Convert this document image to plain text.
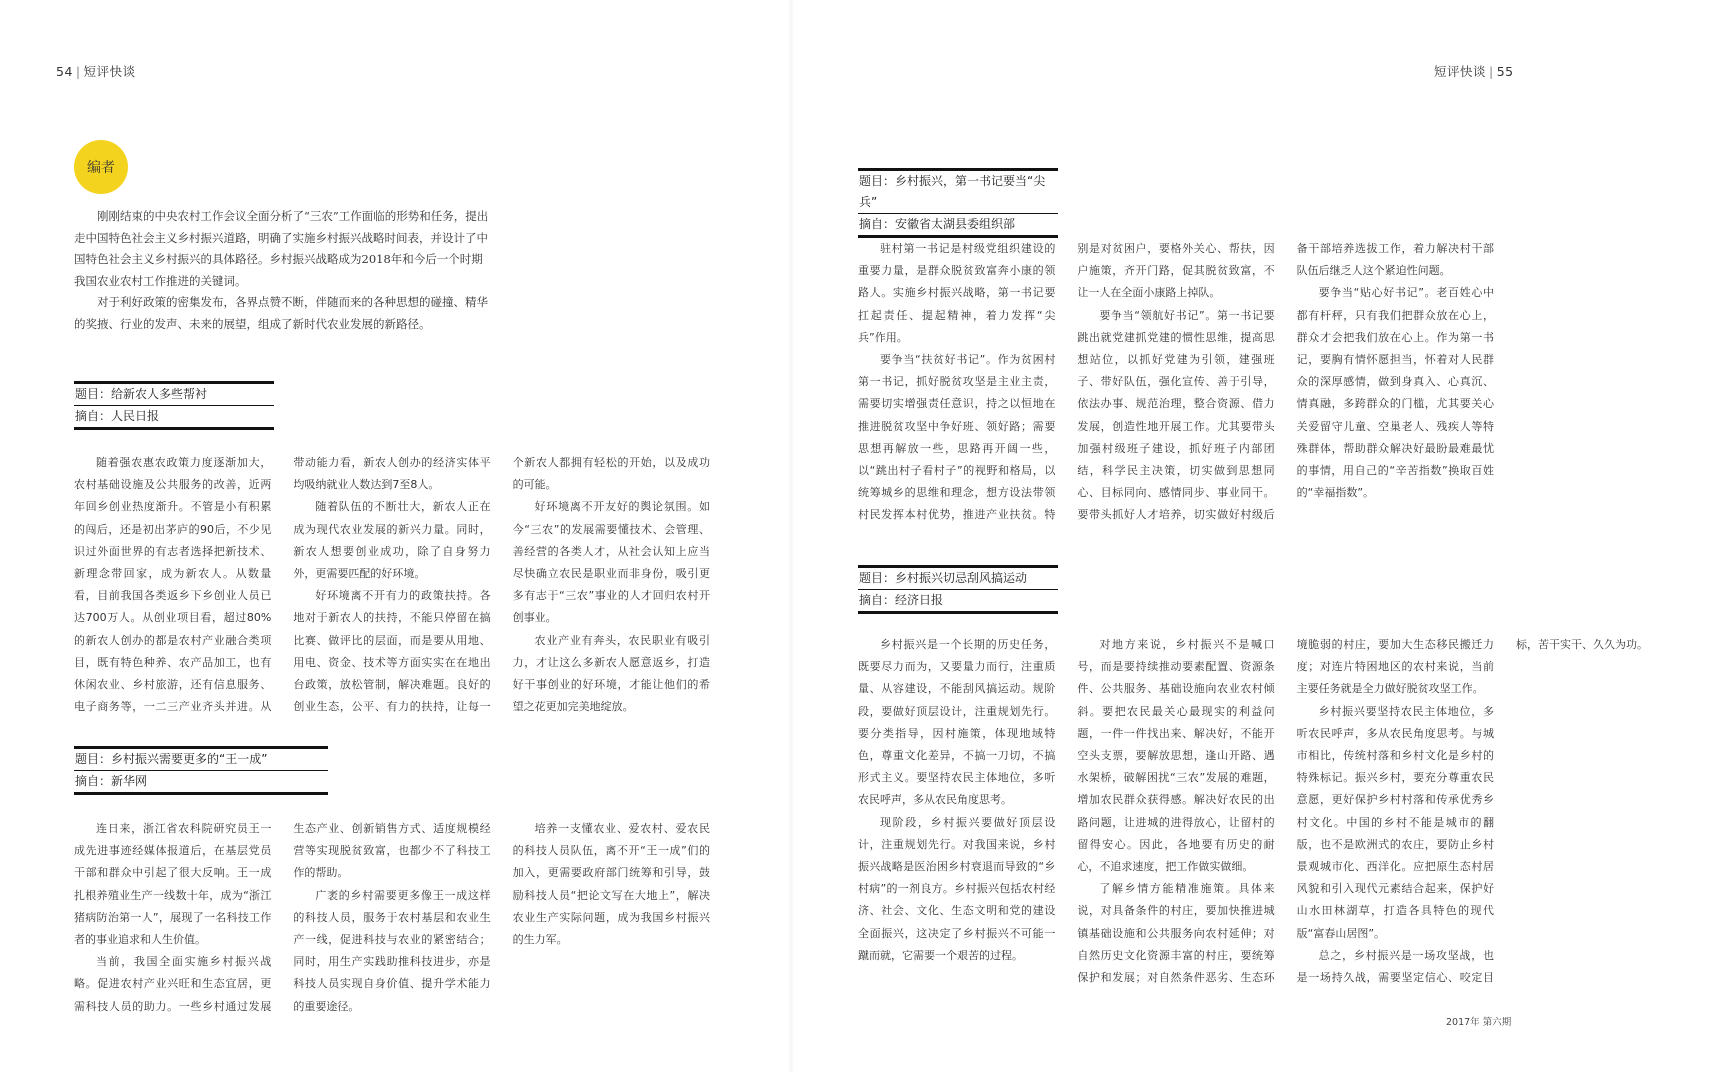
54 | 短评快谈	短评快谈 | 55
编者

刚刚结束的中央农村工作会议全面分析了“三农”工作面临的形势和任务，提出走中国特色社会主义乡村振兴道路，明确了实施乡村振兴战略时间表，并设计了中国特色社会主义乡村振兴的具体路径。乡村振兴战略成为2018年和今后一个时期我国农业农村工作推进的关键词。

对于利好政策的密集发布，各界点赞不断，伴随而来的各种思想的碰撞、精华的奖掖、行业的发声、未来的展望，组成了新时代农业发展的新路径。

题目：给新农人多些帮衬
摘自：人民日报

随着强农惠农政策力度逐渐加大，农村基础设施及公共服务的改善，近两年回乡创业热度渐升。不管是小有积累的闯后，还是初出茅庐的90后，不少见识过外面世界的有志者选择把新技术、新理念带回家，成为新农人。从数量看，目前我国各类返乡下乡创业人员已达700万人。从创业项目看，超过80%的新农人创办的都是农村产业融合类项目，既有特色种养、农产品加工，也有休闲农业、乡村旅游，还有信息服务、电子商务等，一二三产业齐头并进。从带动能力看，新农人创办的经济实体平均吸纳就业人数达到7至8人。

随着队伍的不断壮大，新农人正在成为现代农业发展的新兴力量。同时，新农人想要创业成功，除了自身努力外，更需要匹配的好环境。

好环境离不开有力的政策扶持。各地对于新农人的扶持，不能只停留在搞比赛、做评比的层面，而是要从用地、用电、资金、技术等方面实实在在地出台政策，放松管制，解决难题。良好的创业生态，公平、有力的扶持，让每一个新农人都拥有轻松的开始，以及成功的可能。

好环境离不开友好的舆论氛围。如今“三农”的发展需要懂技术、会管理、善经营的各类人才，从社会认知上应当尽快确立农民是职业而非身份，吸引更多有志于“三农”事业的人才回归农村开创事业。

农业产业有奔头，农民职业有吸引力，才让这么多新农人愿意返乡，打造好干事创业的好环境，才能让他们的希望之花更加完美地绽放。

题目：乡村振兴需要更多的“王一成”
摘自：新华网

连日来，浙江省农科院研究员王一成先进事迹经媒体报道后，在基层党员干部和群众中引起了很大反响。王一成扎根养殖业生产一线数十年，成为“浙江猪病防治第一人”，展现了一名科技工作者的事业追求和人生价值。

当前，我国全面实施乡村振兴战略。促进农村产业兴旺和生态宜居，更需科技人员的助力。一些乡村通过发展生态产业、创新销售方式、适度规模经营等实现脱贫致富，也都少不了科技工作的帮助。

广袤的乡村需要更多像王一成这样的科技人员，服务于农村基层和农业生产一线，促进科技与农业的紧密结合；同时，用生产实践助推科技进步，亦是科技人员实现自身价值、提升学术能力的重要途径。

培养一支懂农业、爱农村、爱农民的科技人员队伍，离不开“王一成”们的加入，更需要政府部门统筹和引导，鼓励科技人员“把论文写在大地上”，解决农业生产实际问题，成为我国乡村振兴的生力军。

题目：乡村振兴，第一书记要当“尖兵”
摘自：安徽省太湖县委组织部

驻村第一书记是村级党组织建设的重要力量，是群众脱贫致富奔小康的领路人。实施乡村振兴战略，第一书记要扛起责任、提起精神，着力发挥“尖兵”作用。

要争当“扶贫好书记”。作为贫困村第一书记，抓好脱贫攻坚是主业主责，需要切实增强责任意识，持之以恒地在推进脱贫攻坚中争好班、领好路；需要思想再解放一些，思路再开阔一些，以“跳出村子看村子”的视野和格局，以统筹城乡的思维和理念，想方设法带领村民发挥本村优势，推进产业扶贫。特别是对贫困户，要格外关心、帮扶，因户施策，齐开门路，促其脱贫致富，不让一人在全面小康路上掉队。

要争当“领航好书记”。第一书记要跳出就党建抓党建的惯性思维，提高思想站位，以抓好党建为引领，建强班子、带好队伍，强化宣传、善于引导，依法办事、规范治理，整合资源、借力发展，创造性地开展工作。尤其要带头加强村级班子建设，抓好班子内部团结，科学民主决策，切实做到思想同心、目标同向、感情同步、事业同干。要带头抓好人才培养，切实做好村级后备干部培养选拔工作，着力解决村干部队伍后继乏人这个紧迫性问题。

要争当“贴心好书记”。老百姓心中都有杆秤，只有我们把群众放在心上，群众才会把我们放在心上。作为第一书记，要胸有情怀愿担当，怀着对人民群众的深厚感情，做到身真入、心真沉、情真融，多跨群众的门槛，尤其要关心关爱留守儿童、空巢老人、残疾人等特殊群体，帮助群众解决好最盼最难最忧的事情，用自己的“辛苦指数”换取百姓的“幸福指数”。

题目：乡村振兴切忌刮风搞运动
摘自：经济日报

乡村振兴是一个长期的历史任务，既要尽力而为，又要量力而行，注重质量、从容建设，不能刮风搞运动。规阶段，要做好顶层设计，注重规划先行。要分类指导，因村施策，体现地域特色，尊重文化差异，不搞一刀切，不搞形式主义。要坚持农民主体地位，多听农民呼声，多从农民角度思考。

现阶段，乡村振兴要做好顶层设计，注重规划先行。对我国来说，乡村振兴战略是医治困乡村衰退而导致的“乡村病”的一剂良方。乡村振兴包括农村经济、社会、文化、生态文明和党的建设全面振兴，这决定了乡村振兴不可能一蹴而就，它需要一个艰苦的过程。

对地方来说，乡村振兴不是喊口号，而是要持续推动要素配置、资源条件、公共服务、基础设施向农业农村倾斜。要把农民最关心最现实的利益问题，一件一件找出来、解决好，不能开空头支票，要解放思想，逢山开路、遇水架桥，破解困扰“三农”发展的难题，增加农民群众获得感。解决好农民的出路问题，让进城的进得放心，让留村的留得安心。因此，各地要有历史的耐心，不追求速度，把工作做实做细。

了解乡情方能精准施策。具体来说，对具备条件的村庄，要加快推进城镇基础设施和公共服务向农村延伸；对自然历史文化资源丰富的村庄，要统筹保护和发展；对自然条件恶劣、生态环境脆弱的村庄，要加大生态移民搬迁力度；对连片特困地区的农村来说，当前主要任务就是全力做好脱贫攻坚工作。

乡村振兴要坚持农民主体地位，多听农民呼声，多从农民角度思考。与城市相比，传统村落和乡村文化是乡村的特殊标记。振兴乡村，要充分尊重农民意愿，更好保护乡村村落和传承优秀乡村文化。中国的乡村不能是城市的翻版，也不是欧洲式的农庄，要防止乡村景观城市化、西洋化。应把原生态村居风貌和引入现代元素结合起来，保护好山水田林湖草，打造各具特色的现代版“富春山居图”。

总之，乡村振兴是一场攻坚战，也是一场持久战，需要坚定信心、咬定目标，苦干实干、久久为功。

2017年 第六期
